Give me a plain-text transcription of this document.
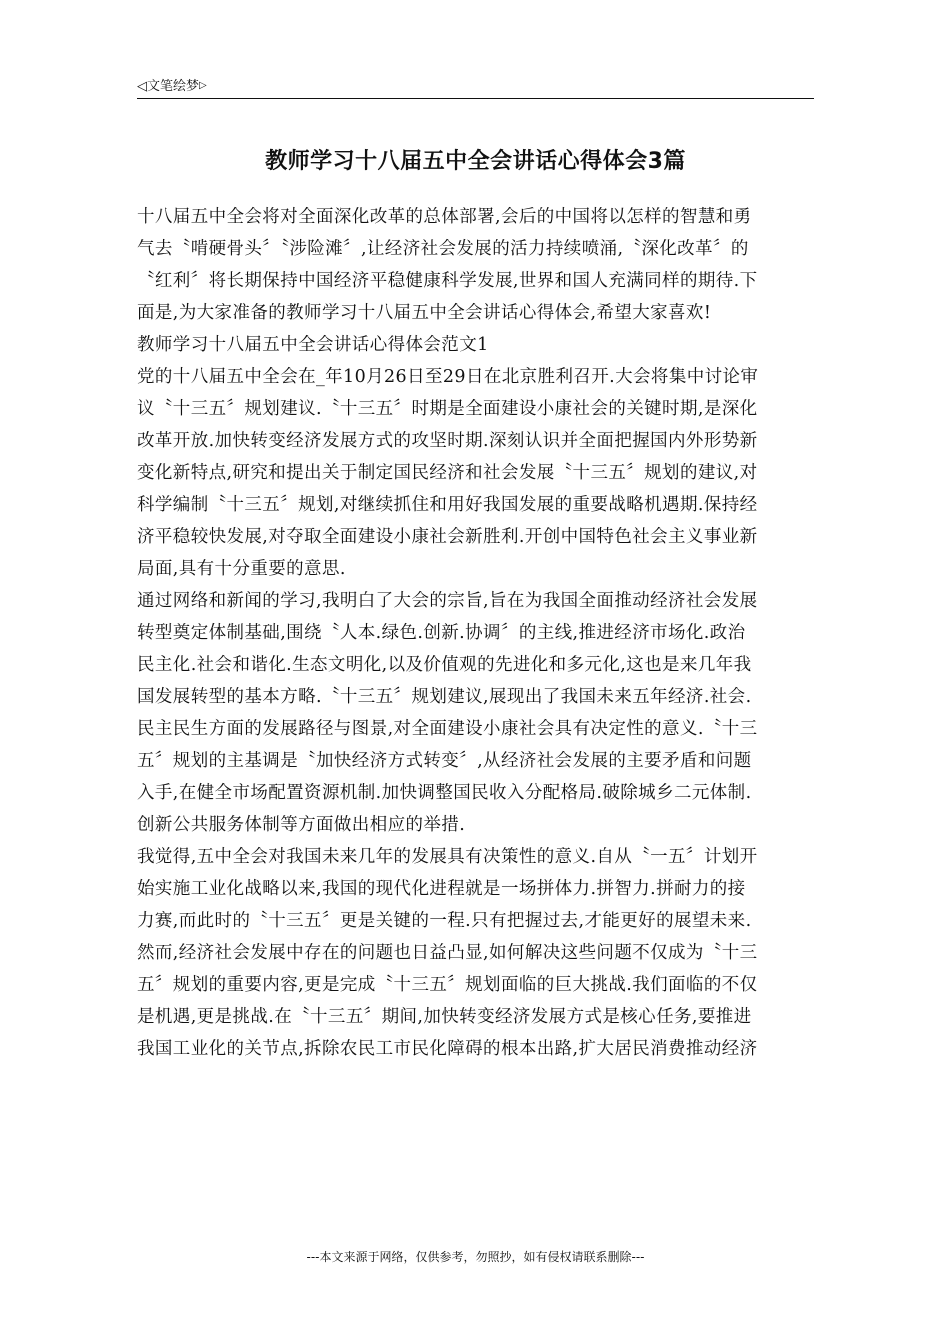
◁文笔绘梦▷
教师学习十八届五中全会讲话心得体会3篇
十八届五中全会将对全面深化改革的总体部署,会后的中国将以怎样的智慧和勇
气去〝啃硬骨头〞〝涉险滩〞,让经济社会发展的活力持续喷涌,〝深化改革〞的
〝红利〞将长期保持中国经济平稳健康科学发展,世界和国人充满同样的期待.下
面是,为大家准备的教师学习十八届五中全会讲话心得体会,希望大家喜欢!
教师学习十八届五中全会讲话心得体会范文1
党的十八届五中全会在_年10月26日至29日在北京胜利召开.大会将集中讨论审
议〝十三五〞规划建议.〝十三五〞时期是全面建设小康社会的关键时期,是深化
改革开放.加快转变经济发展方式的攻坚时期.深刻认识并全面把握国内外形势新
变化新特点,研究和提出关于制定国民经济和社会发展〝十三五〞规划的建议,对
科学编制〝十三五〞规划,对继续抓住和用好我国发展的重要战略机遇期.保持经
济平稳较快发展,对夺取全面建设小康社会新胜利.开创中国特色社会主义事业新
局面,具有十分重要的意思.
通过网络和新闻的学习,我明白了大会的宗旨,旨在为我国全面推动经济社会发展
转型奠定体制基础,围绕〝人本.绿色.创新.协调〞的主线,推进经济市场化.政治
民主化.社会和谐化.生态文明化,以及价值观的先进化和多元化,这也是来几年我
国发展转型的基本方略.〝十三五〞规划建议,展现出了我国未来五年经济.社会.
民主民生方面的发展路径与图景,对全面建设小康社会具有决定性的意义.〝十三
五〞规划的主基调是〝加快经济方式转变〞,从经济社会发展的主要矛盾和问题
入手,在健全市场配置资源机制.加快调整国民收入分配格局.破除城乡二元体制.
创新公共服务体制等方面做出相应的举措.
我觉得,五中全会对我国未来几年的发展具有决策性的意义.自从〝一五〞计划开
始实施工业化战略以来,我国的现代化进程就是一场拼体力.拼智力.拼耐力的接
力赛,而此时的〝十三五〞更是关键的一程.只有把握过去,才能更好的展望未来.
然而,经济社会发展中存在的问题也日益凸显,如何解决这些问题不仅成为〝十三
五〞规划的重要内容,更是完成〝十三五〞规划面临的巨大挑战.我们面临的不仅
是机遇,更是挑战.在〝十三五〞期间,加快转变经济发展方式是核心任务,要推进
我国工业化的关节点,拆除农民工市民化障碍的根本出路,扩大居民消费推动经济
---本文来源于网络，仅供参考，勿照抄，如有侵权请联系删除---
